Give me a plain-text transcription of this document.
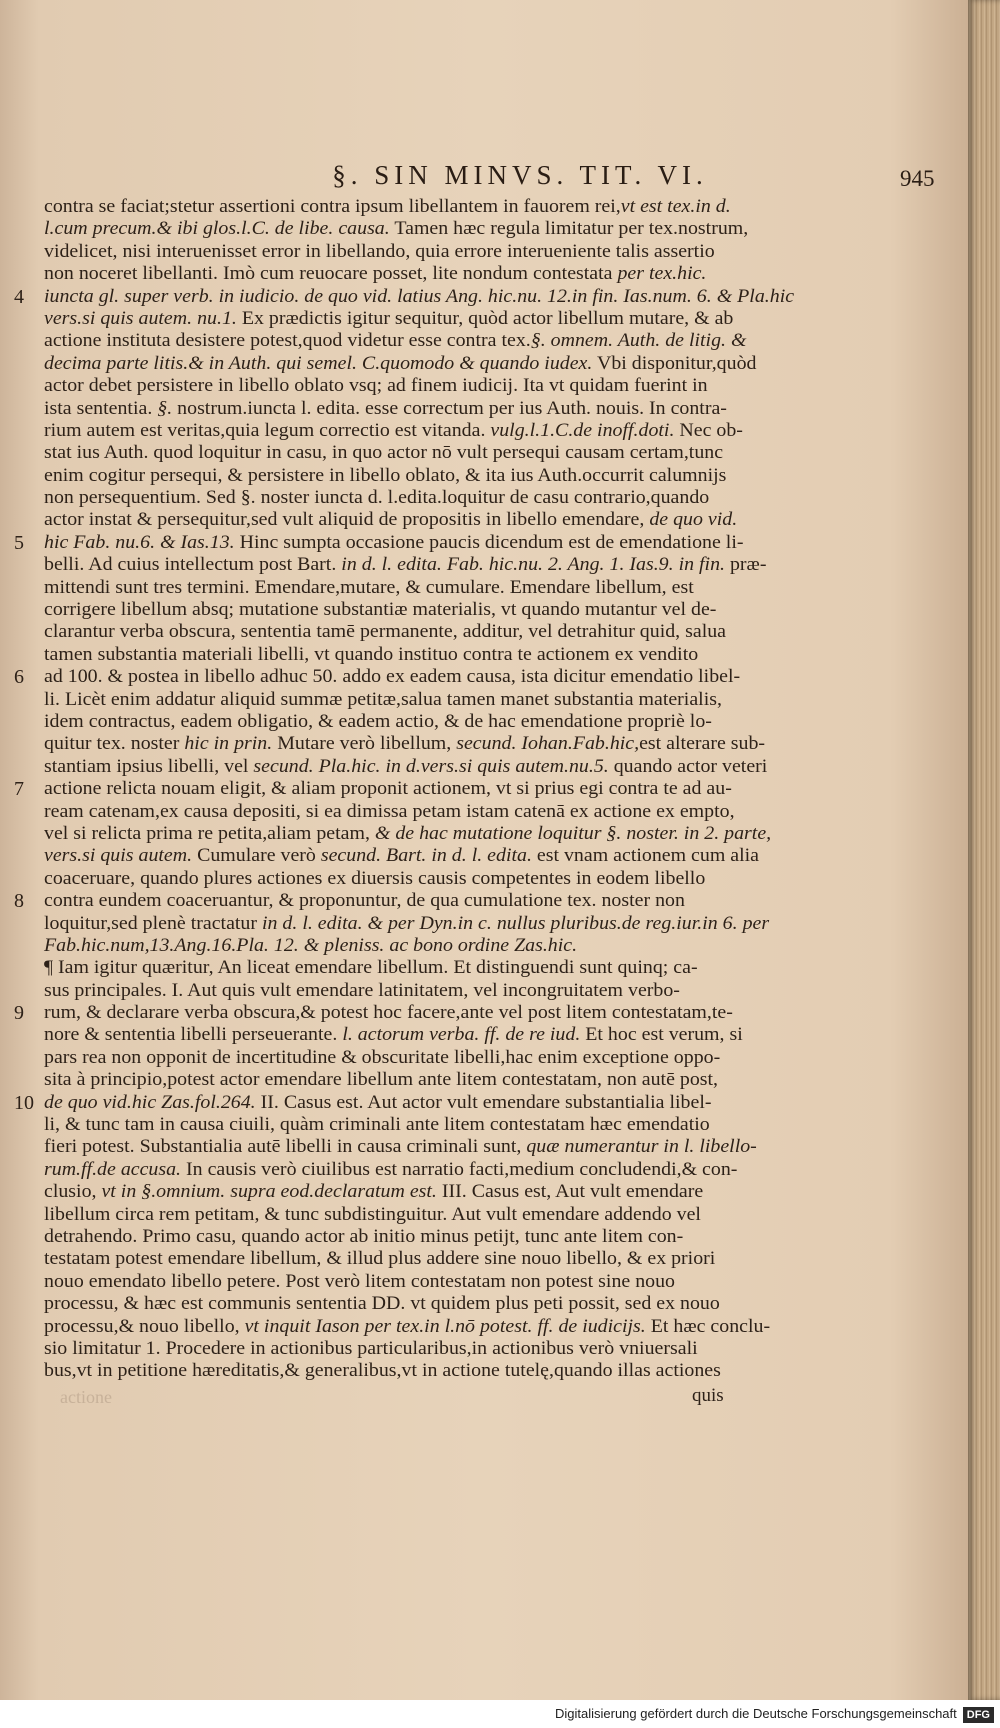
§. SIN MINVS. TIT. VI.	945
contra se faciat;stetur assertioni contra ipsum libellantem in fauorem rei,vt est tex.in d.
l.cum precum.& ibi glos.l.C. de libe. causa. Tamen hæc regula limitatur per tex.nostrum,
videlicet, nisi interuenisset error in libellando, quia errore interueniente talis assertio
non noceret libellanti. Imò cum reuocare posset, lite nondum contestata per tex.hic.
iuncta gl. super verb. in iudicio. de quo vid. latius Ang. hic.nu. 12.in fin. Ias.num. 6. & Pla.hic
vers.si quis autem. nu.1. Ex prædictis igitur sequitur, quòd actor libellum mutare, & ab
actione instituta desistere potest,quod videtur esse contra tex.§. omnem. Auth. de litig. &
decima parte litis.& in Auth. qui semel. C.quomodo & quando iudex. Vbi disponitur,quòd
actor debet persistere in libello oblato vsq; ad finem iudicij. Ita vt quidam fuerint in
ista sententia. §. nostrum.iuncta l. edita. esse correctum per ius Auth. nouis. In contra-
rium autem est veritas,quia legum correctio est vitanda. vulg.l.1.C.de inoff.doti. Nec ob-
stat ius Auth. quod loquitur in casu, in quo actor nō vult persequi causam certam,tunc
enim cogitur persequi, & persistere in libello oblato, & ita ius Auth.occurrit calumnijs
non persequentium. Sed §. noster iuncta d. l.edita.loquitur de casu contrario,quando
actor instat & persequitur,sed vult aliquid de propositis in libello emendare, de quo vid.
hic Fab. nu.6. & Ias.13. Hinc sumpta occasione paucis dicendum est de emendatione li-
belli. Ad cuius intellectum post Bart. in d. l. edita. Fab. hic.nu. 2. Ang. 1. Ias.9. in fin. præ-
mittendi sunt tres termini. Emendare,mutare, & cumulare. Emendare libellum, est
corrigere libellum absq; mutatione substantiæ materialis, vt quando mutantur vel de-
clarantur verba obscura, sententia tamē permanente, additur, vel detrahitur quid, salua
tamen substantia materiali libelli, vt quando instituo contra te actionem ex vendito
ad 100. & postea in libello adhuc 50. addo ex eadem causa, ista dicitur emendatio libel-
li. Licèt enim addatur aliquid summæ petitæ,salua tamen manet substantia materialis,
idem contractus, eadem obligatio, & eadem actio, & de hac emendatione propriè lo-
quitur tex. noster hic in prin. Mutare verò libellum, secund. Iohan.Fab.hic,est alterare sub-
stantiam ipsius libelli, vel secund. Pla.hic. in d.vers.si quis autem.nu.5. quando actor veteri
actione relicta nouam eligit, & aliam proponit actionem, vt si prius egi contra te ad au-
ream catenam,ex causa depositi, si ea dimissa petam istam catenā ex actione ex empto,
vel si relicta prima re petita,aliam petam, & de hac mutatione loquitur §. noster. in 2. parte,
vers.si quis autem. Cumulare verò secund. Bart. in d. l. edita. est vnam actionem cum alia
coaceruare, quando plures actiones ex diuersis causis competentes in eodem libello
contra eundem coaceruantur, & proponuntur, de qua cumulatione tex. noster non
loquitur,sed plenè tractatur in d. l. edita. & per Dyn.in c. nullus pluribus.de reg.iur.in 6. per
Fab.hic.num,13.Ang.16.Pla. 12. & pleniss. ac bono ordine Zas.hic.
¶ Iam igitur quæritur, An liceat emendare libellum. Et distinguendi sunt quinq; ca-
sus principales. I. Aut quis vult emendare latinitatem, vel incongruitatem verbo-
rum, & declarare verba obscura,& potest hoc facere,ante vel post litem contestatam,te-
nore & sententia libelli perseuerante. l. actorum verba. ff. de re iud. Et hoc est verum, si
pars rea non opponit de incertitudine & obscuritate libelli,hac enim exceptione oppo-
sita à principio,potest actor emendare libellum ante litem contestatam, non autē post,
de quo vid.hic Zas.fol.264. II. Casus est. Aut actor vult emendare substantialia libel-
li, & tunc tam in causa ciuili, quàm criminali ante litem contestatam hæc emendatio
fieri potest. Substantialia autē libelli in causa criminali sunt, quæ numerantur in l. libello-
rum.ff.de accusa. In causis verò ciuilibus est narratio facti,medium concludendi,& con-
clusio, vt in §.omnium. supra eod.declaratum est. III. Casus est, Aut vult emendare
libellum circa rem petitam, & tunc subdistinguitur. Aut vult emendare addendo vel
detrahendo. Primo casu, quando actor ab initio minus petijt, tunc ante litem con-
testatam potest emendare libellum, & illud plus addere sine nouo libello, & ex priori
nouo emendato libello petere. Post verò litem contestatam non potest sine nouo
processu, & hæc est communis sententia DD. vt quidem plus peti possit, sed ex nouo
processu,& nouo libello, vt inquit Iason per tex.in l.nō potest. ff. de iudicijs. Et hæc conclu-
sio limitatur 1. Procedere in actionibus particularibus,in actionibus verò vniuersali
bus,vt in petitione hæreditatis,& generalibus,vt in actione tutelę,quando illas actiones
4
5
6
7
8
9
10
quis
actione
Digitalisierung gefördert durch die Deutsche Forschungsgemeinschaft DFG
